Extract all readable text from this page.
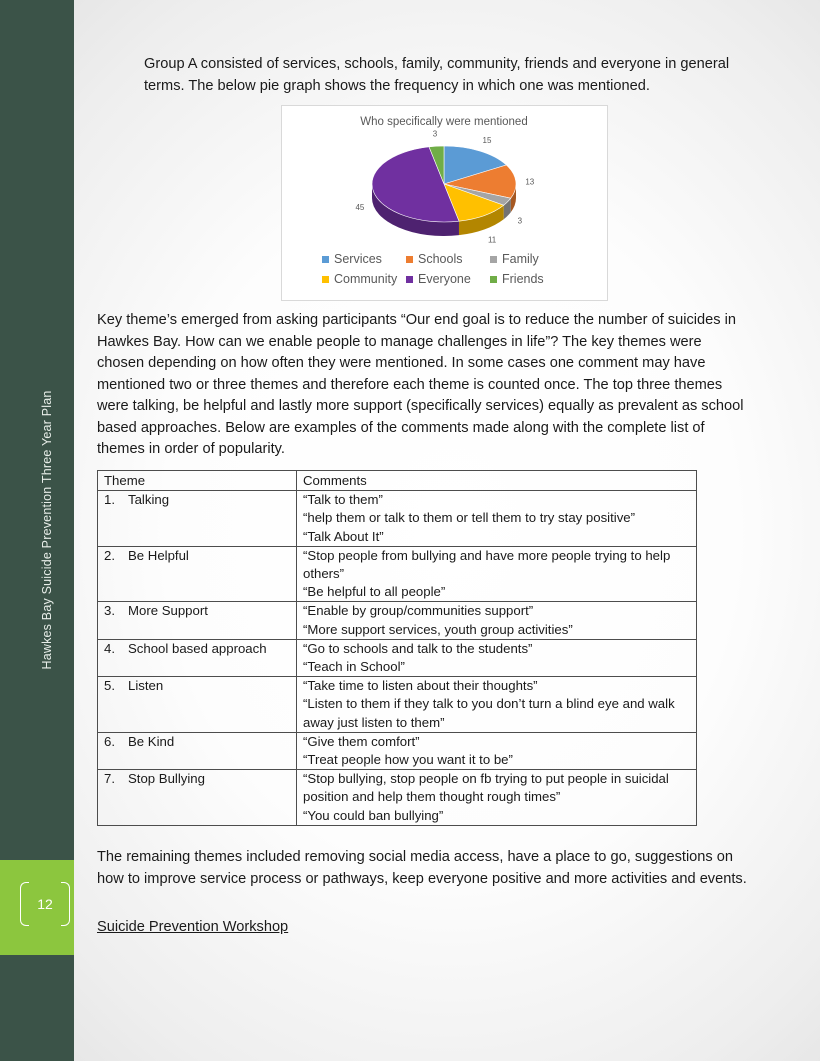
Hawkes Bay Suicide Prevention Three Year Plan
12

Group A consisted of services, schools, family, community, friends and everyone in general terms. The below pie graph shows the frequency in which one was mentioned.

Who specifically were mentioned
15
13
3
11
45
3
Services	Schools	Family
Community Everyone Friends

Key theme’s emerged from asking participants “Our end goal is to reduce the number of suicides in Hawkes Bay. How can we enable people to manage challenges in life”? The key themes were chosen depending on how often they were mentioned. In some cases one comment may have mentioned two or three themes and therefore each theme is counted once. The top three themes were talking, be helpful and lastly more support (specifically services) equally as prevalent as school based approaches. Below are examples of the comments made along with the complete list of themes in order of popularity.

Theme	Comments
1. Talking	“Talk to them”
“help them or talk to them or tell them to try stay positive”
“Talk About It”

2. Be Helpful	“Stop people from bullying and have more people trying to help others”
“Be helpful to all people”

3. More Support	“Enable by group/communities support”
“More support services, youth group activities”

4. School based approach	“Go to schools and talk to the students”
“Teach in School”

5. Listen	“Take time to listen about their thoughts”
“Listen to them if they talk to you don’t turn a blind eye and walk away just listen to them”

6. Be Kind	“Give them comfort”
“Treat people how you want it to be”

7. Stop Bullying	“Stop bullying, stop people on fb trying to put people in suicidal position and help them thought rough times”
“You could ban bullying”

The remaining themes included removing social media access, have a place to go, suggestions on how to improve service process or pathways, keep everyone positive and more activities and events.

Suicide Prevention Workshop
